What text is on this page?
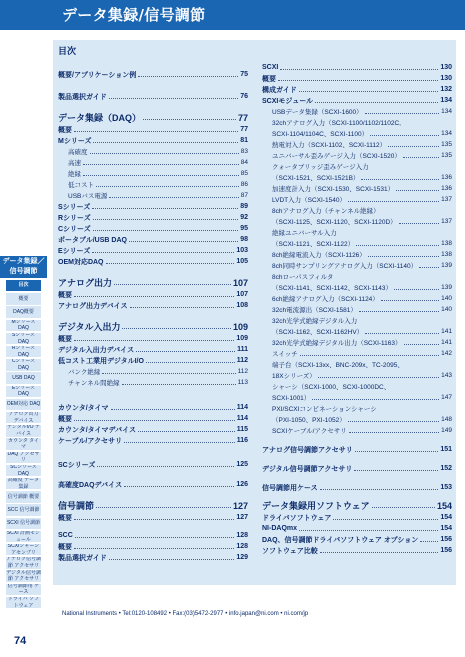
データ集録/信号調節
データ集録／信号調節
目次
概要
DAQ概要
Mシリーズ DAQ
Sシリーズ DAQ
Rシリーズ DAQ
Cシリーズ DAQ
USB DAQ
Eシリーズ DAQ
OEM対応 DAQ
アナログ出力 デバイス
デジタルI/O デバイス
カウンタ タイマ
DAQ アクセサリ
SCシリーズ DAQ
高確度 データ集録
信号調節 概要
SCC 信号調節
SCXI 信号調節
SCXI 計測モジュール
SCXIシャーシ アセンブリ
アナログ信号調節 アクセサリ
デジタル信号調節 アクセサリ
信号調節用 ケース
ドライバ ソフトウェア
目次
概要/アプリケーション例	75
製品選択ガイド	76
データ集録（DAQ）	77
概要	77
Mシリーズ	81
高確度	83
高速	84
絶縁	85
低コスト	86
USBバス電源	87
Sシリーズ	89
Rシリーズ	92
Cシリーズ	95
ポータブル/USB DAQ	98
Eシリーズ	103
OEM対応DAQ	105
アナログ出力	107
概要	107
アナログ出力デバイス	108
デジタル入出力	109
概要	109
デジタル入出力デバイス	111
低コスト工業用デジタルI/O	112
バンク絶縁	112
チャンネル間絶縁	113
カウンタ/タイマ	114
概要	114
カウンタ/タイマデバイス	115
ケーブル/アクセサリ	116
SCシリーズ	125
高確度DAQデバイス	126
信号調節	127
概要	127
SCC	128
概要	128
製品選択ガイド	129
SCXI	130
概要	130
構成ガイド	132
SCXIモジュール	134
USBデータ集録（SCXI-1600）	134
32chアナログ入力（SCXI-1100/1102/1102C,
SCXI-1104/1104C、SCXI-1100）	134
熱電対入力（SCXI-1102、SCXI-1112）	135
ユニバーサル歪みゲージ入力（SCXI-1520）	135
クォータブリッジ歪みゲージ入力
（SCXI-1521、SCXI-1521B）	136
加速度計入力（SCXI-1530、SCXI-1531）	136
LVDT入力（SCXI-1540）	137
8chアナログ入力（チャンネル絶縁）
（SCXI-1125、SCXI-1120、SCXI-1120D）	137
絶縁ユニバーサル入力
（SCXI-1121、SCXI-1122）	138
8ch絶縁電流入力（SCXI-1126）	138
8ch同時サンプリングアナログ入力（SCXI-1140）	139
8chローパスフィルタ
（SCXI-1141、SCXI-1142、SCXI-1143）	139
6ch絶縁アナログ入力（SCXI-1124）	140
32ch電流源出（SCXI-1581）	140
32ch光学式絶縁デジタル入力
（SCXI-1162、SCXI-1162HV）	141
32ch光学式絶縁デジタル出力（SCXI-1163）	141
スイッチ	142
端子台（SCXI-13xx、BNC-209x、TC-2095、
18Xシリーズ）	143
シャーシ（SCXI-1000、SCXI-1000DC、
SCXI-1001）	147
PXI/SCXIコンビネーションシャーシ
（PXI-1050、PXI-1052）	148
SCXIケーブル/アクセサリ	149
アナログ信号調節アクセサリ	151
デジタル信号調節アクセサリ	152
信号調節用ケース	153
データ集録用ソフトウェア	154
ドライバソフトウェア	154
NI-DAQmx	154
DAQ、信号調節ドライバソフトウェア オプション	156
ソフトウェア比較	156
National Instruments • Tel:0120-108492 • Fax:(03)5472-2977 • info.japan@ni.com • ni.com/jp
74
